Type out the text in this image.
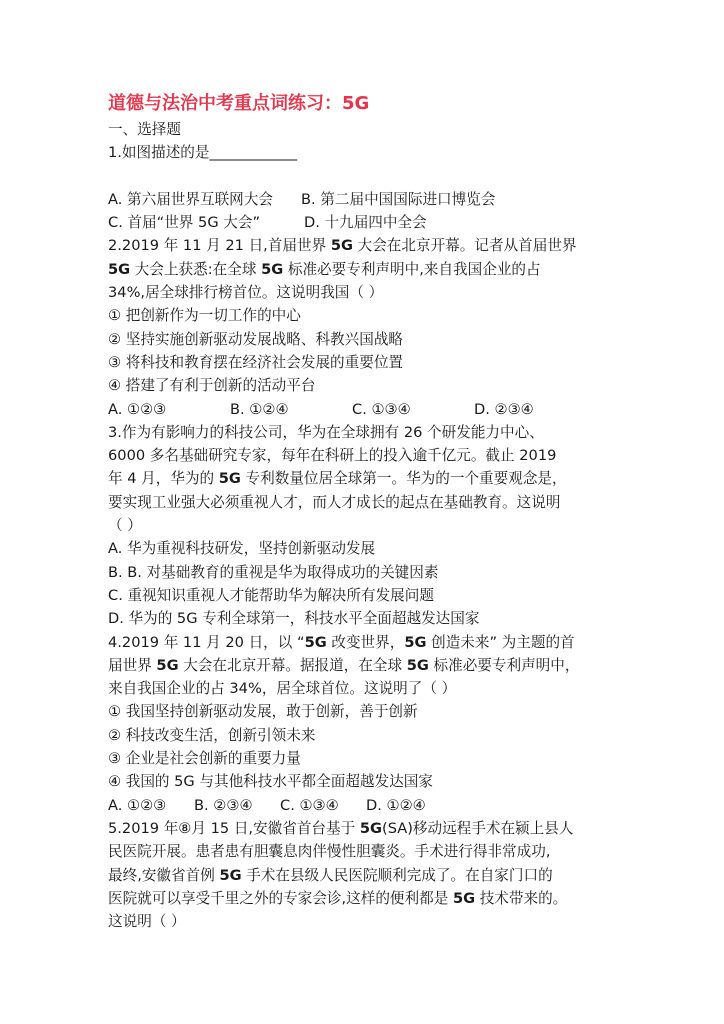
道德与法治中考重点词练习：5G
一、选择题
1.如图描述的是____________
A. 第六届世界互联网大会	B. 第二届中国国际进口博览会
C. 首届“世界 5G 大会”	D. 十九届四中全会
2.2019 年 11 月 21 日,首届世界 5G 大会在北京开幕。记者从首届世界
5G 大会上获悉:在全球 5G 标准必要专利声明中,来自我国企业的占
34%,居全球排行榜首位。这说明我国（ ）
① 把创新作为一切工作的中心
② 坚持实施创新驱动发展战略、科教兴国战略
③ 将科技和教育摆在经济社会发展的重要位置
④ 搭建了有利于创新的活动平台
A. ①②③	B. ①②④	C. ①③④	D. ②③④
3.作为有影响力的科技公司，华为在全球拥有 26 个研发能力中心、
6000 多名基础研究专家，每年在科研上的投入逾千亿元。截止 2019
年 4 月，华为的 5G 专利数量位居全球第一。华为的一个重要观念是，
要实现工业强大必须重视人才，而人才成长的起点在基础教育。这说明
（ ）
A. 华为重视科技研发，坚持创新驱动发展
B. B. 对基础教育的重视是华为取得成功的关键因素
C. 重视知识重视人才能帮助华为解决所有发展问题
D. 华为的 5G 专利全球第一，科技水平全面超越发达国家
4.2019 年 11 月 20 日，以 “5G 改变世界，5G 创造未来” 为主题的首
届世界 5G 大会在北京开幕。据报道，在全球 5G 标准必要专利声明中，
来自我国企业的占 34%，居全球首位。这说明了（ ）
① 我国坚持创新驱动发展，敢于创新，善于创新
② 科技改变生活，创新引领未来
③ 企业是社会创新的重要力量
④ 我国的 5G 与其他科技水平都全面超越发达国家
A. ①②③	B. ②③④	C. ①③④	D. ①②④
5.2019 年⑧月 15 日,安徽省首台基于 5G(SA)移动远程手术在颍上县人
民医院开展。患者患有胆囊息肉伴慢性胆囊炎。手术进行得非常成功,
最终,安徽省首例 5G 手术在县级人民医院顺利完成了。在自家门口的
医院就可以享受千里之外的专家会诊,这样的便利都是 5G 技术带来的。
这说明（ ）
